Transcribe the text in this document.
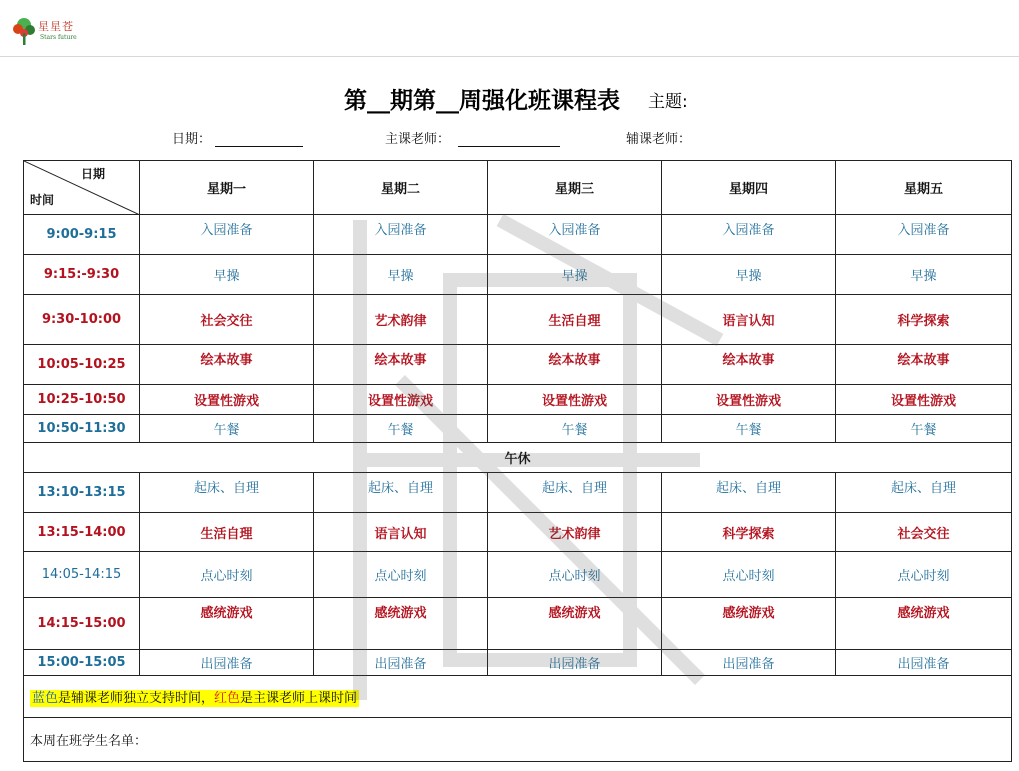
星星苍
Stars future
第__期第__周强化班课程表 主题:
日期：	主课老师：	辅课老师：
日期
时间	星期一	星期二	星期三	星期四	星期五
9:00-9:15	入园准备	入园准备	入园准备	入园准备	入园准备
9:15:-9:30	早操	早操	早操	早操	早操
9:30-10:00	社会交往	艺术韵律	生活自理	语言认知	科学探索
10:05-10:25	绘本故事	绘本故事	绘本故事	绘本故事	绘本故事
10:25-10:50	设置性游戏	设置性游戏	设置性游戏	设置性游戏	设置性游戏
10:50-11:30	午餐	午餐	午餐	午餐	午餐
午休					
13:10-13:15	起床、自理	起床、自理	起床、自理	起床、自理	起床、自理
13:15-14:00	生活自理	语言认知	艺术韵律	科学探索	社会交往
14:05-14:15	点心时刻	点心时刻	点心时刻	点心时刻	点心时刻
14:15-15:00	感统游戏	感统游戏	感统游戏	感统游戏	感统游戏
15:00-15:05	出园准备	出园准备	出园准备	出园准备	出园准备
蓝色是辅课老师独立支持时间，红色是主课老师上课时间					
本周在班学生名单：					
